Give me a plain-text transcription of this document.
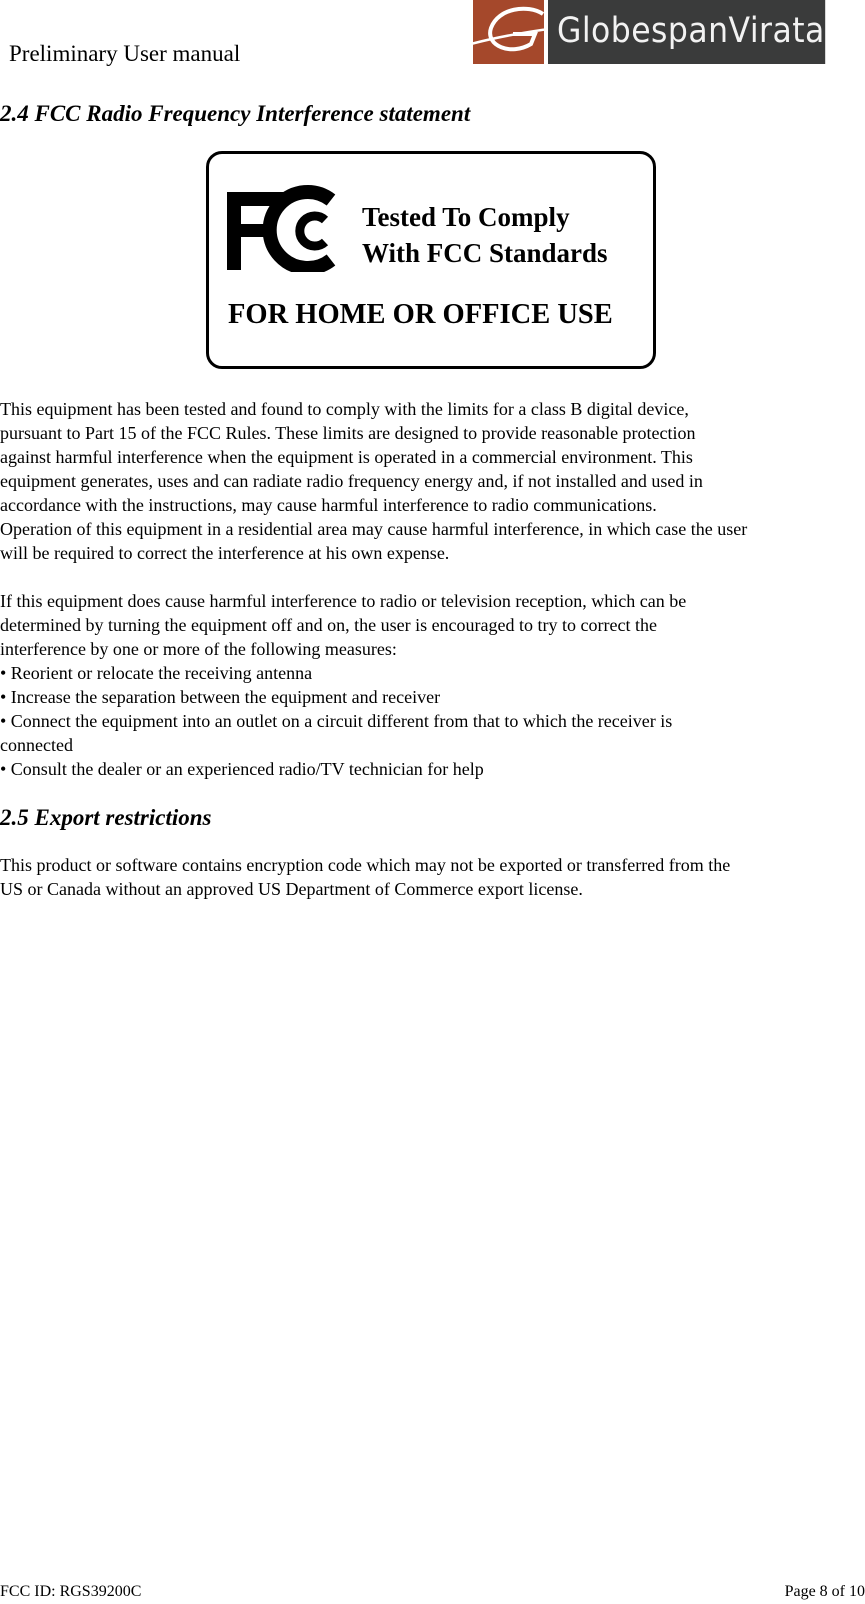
Preliminary User manual
GlobespanVirata
2.4 FCC Radio Frequency Interference statement
Tested To Comply
With FCC Standards
FOR HOME OR OFFICE USE

This equipment has been tested and found to comply with the limits for a class B digital device,
pursuant to Part 15 of the FCC Rules. These limits are designed to provide reasonable protection
against harmful interference when the equipment is operated in a commercial environment. This
equipment generates, uses and can radiate radio frequency energy and, if not installed and used in
accordance with the instructions, may cause harmful interference to radio communications.
Operation of this equipment in a residential area may cause harmful interference, in which case the user
will be required to correct the interference at his own expense.

If this equipment does cause harmful interference to radio or television reception, which can be
determined by turning the equipment off and on, the user is encouraged to try to correct the
interference by one or more of the following measures:
• Reorient or relocate the receiving antenna
• Increase the separation between the equipment and receiver
• Connect the equipment into an outlet on a circuit different from that to which the receiver is
connected
• Consult the dealer or an experienced radio/TV technician for help

2.5 Export restrictions

This product or software contains encryption code which may not be exported or transferred from the
US or Canada without an approved US Department of Commerce export license.

FCC ID: RGS39200C	Page 8 of 10
